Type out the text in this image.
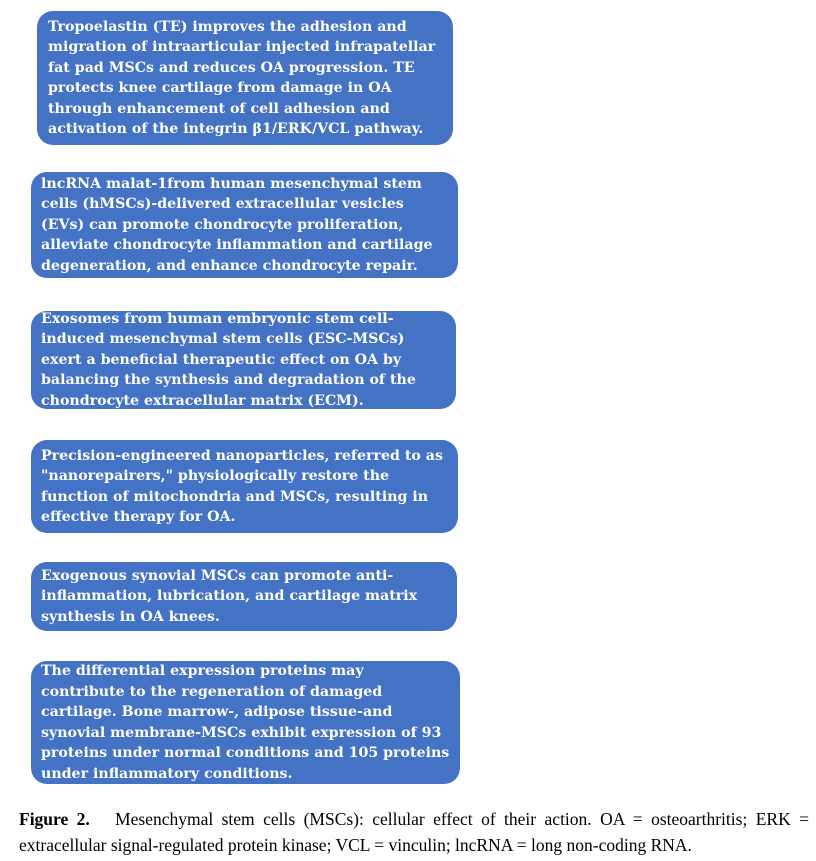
Tropoelastin (TE) improves the adhesion and migration of intraarticular injected infrapatellar fat pad MSCs and reduces OA progression. TE protects knee cartilage from damage in OA through enhancement of cell adhesion and activation of the integrin β1/ERK/VCL pathway.

lncRNA malat-1from human mesenchymal stem cells (hMSCs)-delivered extracellular vesicles (EVs) can promote chondrocyte proliferation, alleviate chondrocyte inflammation and cartilage degeneration, and enhance chondrocyte repair.

Exosomes from human embryonic stem cell-induced mesenchymal stem cells (ESC-MSCs) exert a beneficial therapeutic effect on OA by balancing the synthesis and degradation of the chondrocyte extracellular matrix (ECM).

Precision-engineered nanoparticles, referred to as "nanorepairers," physiologically restore the function of mitochondria and MSCs, resulting in effective therapy for OA.

Exogenous synovial MSCs can promote anti-inflammation, lubrication, and cartilage matrix synthesis in OA knees.

The differential expression proteins may contribute to the regeneration of damaged cartilage. Bone marrow-, adipose tissue-and synovial membrane-MSCs exhibit expression of 93 proteins under normal conditions and 105 proteins under inflammatory conditions.

Figure 2. Mesenchymal stem cells (MSCs): cellular effect of their action. OA = osteoarthritis; ERK = extracellular signal-regulated protein kinase; VCL = vinculin; lncRNA = long non-coding RNA.
